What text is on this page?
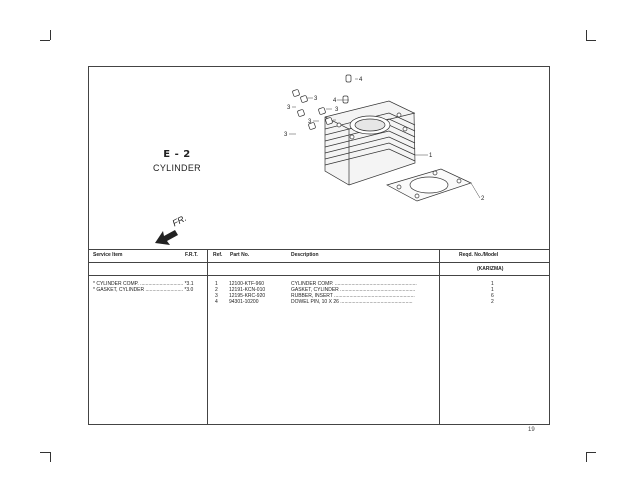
E - 2
CYLINDER
FR.
4
4
3
3	3
3
3
1
2
Service Item	F.R.T.	Ref. Part No.	Description	Reqd. No./Model
(KARIZMA)
* CYLINDER COMP. ............................... *3.1
* GASKET, CYLINDER ........................... *3.0
1 12100-KTF-960	CYLINDER COMP. ...........................................................	1
2 12191-KCN-010	GASKET, CYLINDER ......................................................	1
3 12195-KRC-920	RUBBER, INSERT ..........................................................	6
4 94301-10200	DOWEL PIN, 10 X 26 ....................................................	2
19
